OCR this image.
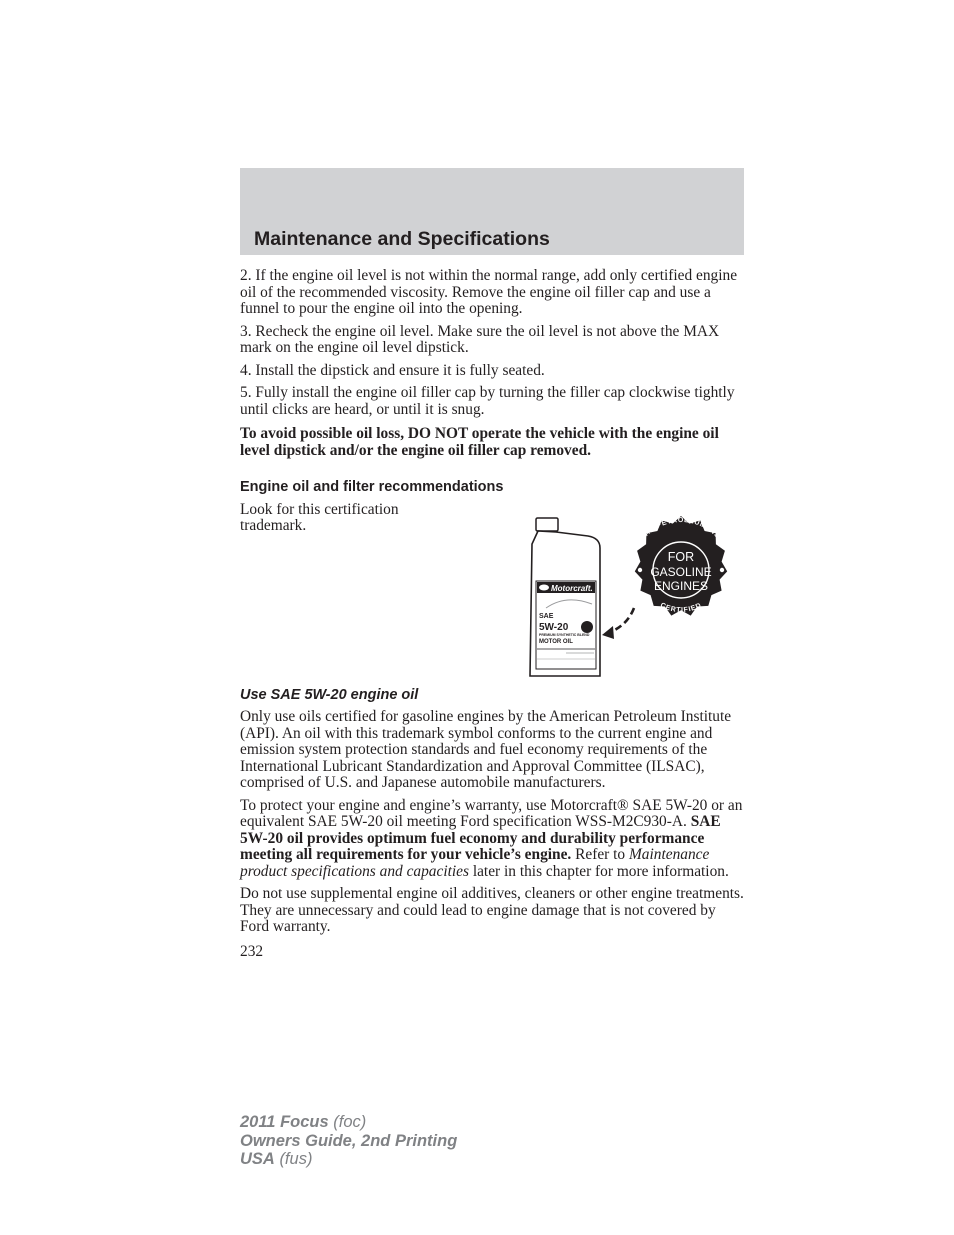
Maintenance and Specifications

2. If the engine oil level is not within the normal range, add only certified engine oil of the recommended viscosity. Remove the engine oil filler cap and use a funnel to pour the engine oil into the opening.

3. Recheck the engine oil level. Make sure the oil level is not above the MAX mark on the engine oil level dipstick.

4. Install the dipstick and ensure it is fully seated.

5. Fully install the engine oil filler cap by turning the filler cap clockwise tightly until clicks are heard, or until it is snug.

To avoid possible oil loss, DO NOT operate the vehicle with the engine oil level dipstick and/or the engine oil filler cap removed.

Engine oil and filter recommendations
Look for this certification trademark.
Motorcraft.
SAE
5W-20
PREMIUM SYNTHETIC BLEND
MOTOR OIL
AMERICAN PETROLEUM INSTITUTE
CERTIFIED
FOR
GASOLINE
ENGINES
Use SAE 5W-20 engine oil

Only use oils certified for gasoline engines by the American Petroleum Institute (API). An oil with this trademark symbol conforms to the current engine and emission system protection standards and fuel economy requirements of the International Lubricant Standardization and Approval Committee (ILSAC), comprised of U.S. and Japanese automobile manufacturers.

To protect your engine and engine’s warranty, use Motorcraft® SAE 5W-20 or an equivalent SAE 5W-20 oil meeting Ford specification WSS-M2C930-A. SAE 5W-20 oil provides optimum fuel economy and durability performance meeting all requirements for your vehicle’s engine. Refer to Maintenance product specifications and capacities later in this chapter for more information.

Do not use supplemental engine oil additives, cleaners or other engine treatments. They are unnecessary and could lead to engine damage that is not covered by Ford warranty.

232
2011 Focus (foc)
Owners Guide, 2nd Printing
USA (fus)
